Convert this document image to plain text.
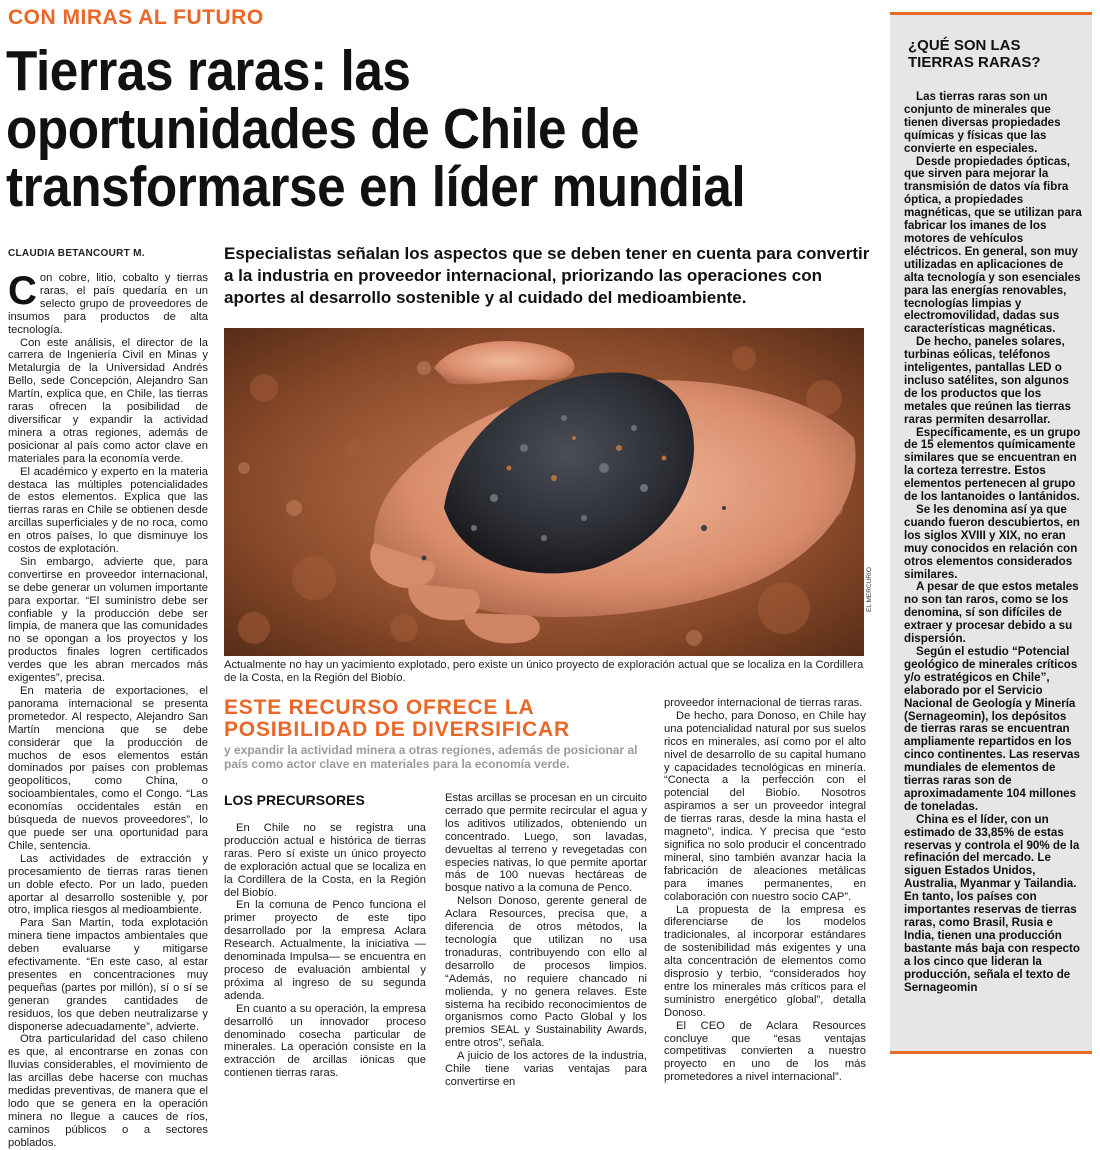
CON MIRAS AL FUTURO
Tierras raras: las
oportunidades de Chile de
transformarse en líder mundial
CLAUDIA BETANCOURT M.	Especialistas señalan los aspectos que se deben tener en cuenta para convertir a la industria en proveedor internacional, priorizando las operaciones con aportes al desarrollo sostenible y al cuidado del medioambiente.

Con cobre, litio, cobalto y tierras raras, el país quedaría en un selecto grupo de proveedores de insumos para productos de alta tecnología.

Con este análisis, el director de la carrera de Ingeniería Civil en Minas y Metalurgia de la Universidad Andrés Bello, sede Concepción, Alejandro San Martín, explica que, en Chile, las tierras raras ofrecen la posibilidad de diversificar y expandir la actividad minera a otras regiones, además de posicionar al país como actor clave en materiales para la economía verde.

El académico y experto en la materia destaca las múltiples potencialidades de estos elementos. Explica que las tierras raras en Chile se obtienen desde arcillas superficiales y de no roca, como en otros países, lo que disminuye los costos de explotación.

Sin embargo, advierte que, para convertirse en proveedor internacional, se debe generar un volumen importante para exportar. “El suministro debe ser confiable y la producción debe ser limpia, de manera que las comunidades no se opongan a los proyectos y los productos finales logren certificados verdes que les abran mercados más exigentes”, precisa.

En materia de exportaciones, el panorama internacional se presenta prometedor. Al respecto, Alejandro San Martín menciona que se debe considerar que la producción de muchos de esos elementos están dominados por países con problemas geopolíticos, como China, o socioambientales, como el Congo. “Las economías occidentales están en búsqueda de nuevos proveedores”, lo que puede ser una oportunidad para Chile, sentencia.

Las actividades de extracción y procesamiento de tierras raras tienen un doble efecto. Por un lado, pueden aportar al desarrollo sostenible y, por otro, implica riesgos al medioambiente.

Para San Martín, toda explotación minera tiene impactos ambientales que deben evaluarse y mitigarse efectivamente. “En este caso, al estar presentes en concentraciones muy pequeñas (partes por millón), sí o sí se generan grandes cantidades de residuos, los que deben neutralizarse y disponerse adecuadamente”, advierte.

Otra particularidad del caso chileno es que, al encontrarse en zonas con lluvias considerables, el movimiento de las arcillas debe hacerse con muchas medidas preventivas, de manera que el lodo que se genera en la operación minera no llegue a cauces de ríos, caminos públicos o a sectores poblados.

EL MERCURIO
Actualmente no hay un yacimiento explotado, pero existe un único proyecto de exploración actual que se localiza en la Cordillera de la Costa, en la Región del Biobío.
ESTE RECURSO OFRECE LA
POSIBILIDAD DE DIVERSIFICAR
y expandir la actividad minera a otras regiones, además de posicionar al país como actor clave en materiales para la economía verde.
LOS PRECURSORES

En Chile no se registra una producción actual e histórica de tierras raras. Pero sí existe un único proyecto de exploración actual que se localiza en la Cordillera de la Costa, en la Región del Biobío.

En la comuna de Penco funciona el primer proyecto de este tipo desarrollado por la empresa Aclara Research. Actualmente, la iniciativa —denominada Impulsa— se encuentra en proceso de evaluación ambiental y próxima al ingreso de su segunda adenda.

En cuanto a su operación, la empresa desarrolló un innovador proceso denominado cosecha particular de minerales. La operación consiste en la extracción de arcillas iónicas que contienen tierras raras.

Estas arcillas se procesan en un circuito cerrado que permite recircular el agua y los aditivos utilizados, obteniendo un concentrado. Luego, son lavadas, devueltas al terreno y revegetadas con especies nativas, lo que permite aportar más de 100 nuevas hectáreas de bosque nativo a la comuna de Penco.

Nelson Donoso, gerente general de Aclara Resources, precisa que, a diferencia de otros métodos, la tecnología que utilizan no usa tronaduras, contribuyendo con ello al desarrollo de procesos limpios. “Además, no requiere chancado ni molienda, y no genera relaves. Este sistema ha recibido reconocimientos de organismos como Pacto Global y los premios SEAL y Sustainability Awards, entre otros”, señala.

A juicio de los actores de la industria, Chile tiene varias ventajas para convertirse en

proveedor internacional de tierras raras.

De hecho, para Donoso, en Chile hay una potencialidad natural por sus suelos ricos en minerales, así como por el alto nivel de desarrollo de su capital humano y capacidades tecnológicas en minería. “Conecta a la perfección con el potencial del Biobío. Nosotros aspiramos a ser un proveedor integral de tierras raras, desde la mina hasta el magneto”, indica. Y precisa que “esto significa no solo producir el concentrado mineral, sino también avanzar hacia la fabricación de aleaciones metálicas para imanes permanentes, en colaboración con nuestro socio CAP”.

La propuesta de la empresa es diferenciarse de los modelos tradicionales, al incorporar estándares de sostenibilidad más exigentes y una alta concentración de elementos como disprosio y terbio, “considerados hoy entre los minerales más críticos para el suministro energético global”, detalla Donoso.

El CEO de Aclara Resources concluye que “esas ventajas competitivas convierten a nuestro proyecto en uno de los más prometedores a nivel internacional”.

¿QUÉ SON LAS
TIERRAS RARAS?

Las tierras raras son un conjunto de minerales que tienen diversas propiedades químicas y físicas que las convierte en especiales.

Desde propiedades ópticas, que sirven para mejorar la transmisión de datos vía fibra óptica, a propiedades magnéticas, que se utilizan para fabricar los imanes de los motores de vehículos eléctricos. En general, son muy utilizadas en aplicaciones de alta tecnología y son esenciales para las energías renovables, tecnologías limpias y electromovilidad, dadas sus características magnéticas.

De hecho, paneles solares, turbinas eólicas, teléfonos inteligentes, pantallas LED o incluso satélites, son algunos de los productos que los metales que reúnen las tierras raras permiten desarrollar.

Específicamente, es un grupo de 15 elementos químicamente similares que se encuentran en la corteza terrestre. Estos elementos pertenecen al grupo de los lantanoides o lantánidos.

Se les denomina así ya que cuando fueron descubiertos, en los siglos XVIII y XIX, no eran muy conocidos en relación con otros elementos considerados similares.

A pesar de que estos metales no son tan raros, como se los denomina, sí son difíciles de extraer y procesar debido a su dispersión.

Según el estudio “Potencial geológico de minerales críticos y/o estratégicos en Chile”, elaborado por el Servicio Nacional de Geología y Minería (Sernageomin), los depósitos de tierras raras se encuentran ampliamente repartidos en los cinco continentes. Las reservas mundiales de elementos de tierras raras son de aproximadamente 104 millones de toneladas.

China es el líder, con un estimado de 33,85% de estas reservas y controla el 90% de la refinación del mercado. Le siguen Estados Unidos, Australia, Myanmar y Tailandia. En tanto, los países con importantes reservas de tierras raras, como Brasil, Rusia e India, tienen una producción bastante más baja con respecto a los cinco que lideran la producción, señala el texto de Sernageomin
